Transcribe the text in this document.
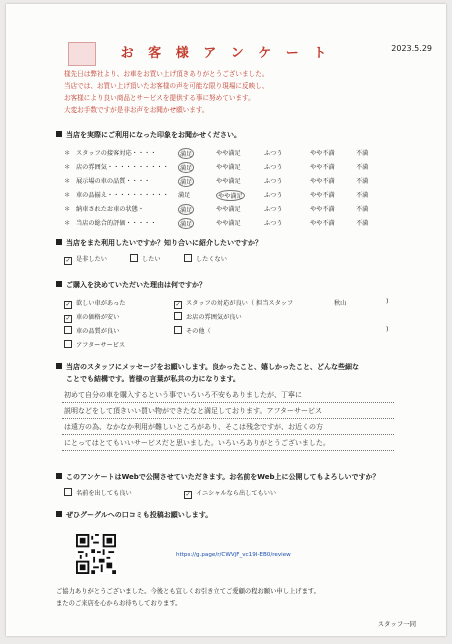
お 客 様 ア ン ケ ー ト	2023.5.29
様先日は弊社より、お車をお買い上げ頂きありがとうございました。
当店では、お買い上げ頂いたお客様の声を可能な限り現場に反映し、
お客様により良い商品とサービスを提供する事に努めています。
大変お手数ですが是非お声をお聞かせ願います。
当店を実際にご利用になった印象をお聞かせください。
＊ スタッフの接客対応・・・・	満足	やや満足	ふつう	やや不満	不満
＊ 店の雰囲気・・・・・・・・・・	満足	やや満足	ふつう	やや不満	不満
＊ 展示場の車の品質・・・・	満足	やや満足	ふつう	やや不満	不満
＊ 車の品揃え・・・・・・・・・・ 満足	やや満足	ふつう	やや不満	不満
＊ 納車されたお車の状態・	満足	やや満足	ふつう	やや不満	不満
＊ 当店の総合的評価・・・・・	満足	やや満足	ふつう	やや不満	不満
当店をまた利用したいですか？知り合いに紹介したいですか？
✓ 是非したい	したい	したくない
ご購入を決めていただいた理由は何ですか？
✓ 欲しい車があった
✓ 車の価格が安い
車の品質が良い
アフターサービス
✓ スタッフの対応が良い（ 担当スタッフ	秋山	)
お店の雰囲気が良い
その他（	)
当店のスタッフにメッセージをお願いします。良かったこと、嬉しかったこと、どんな些細な
ことでも結構です。皆様の言葉が私共の力になります。
初めて自分の車を購入するという事でいろいろ不安もありましたが、丁寧に
説明などをして頂きいい買い物ができたなと満足しております。アフターサービス
は遠方の為、なかなか利用が難しいところがあり、そこは残念ですが、お近くの方
にとってはとてもいいサービスだと思いました。いろいろありがとうございました。
このアンケートはWebで公開させていただきます。お名前をWeb上に公開してもよろしいですか？
名前を出しても良い	✓ イニシャルなら出してもいい
ぜひグーグルへの口コミも投稿お願いします。
https://g.page/r/CWVjF_vc19I-EB0/review
ご協力ありがとうございました。今後とも宜しくお引き立てご愛顧の程お願い申し上げます。
またのご来店を心からお待ちしております。
スタッフ一同
